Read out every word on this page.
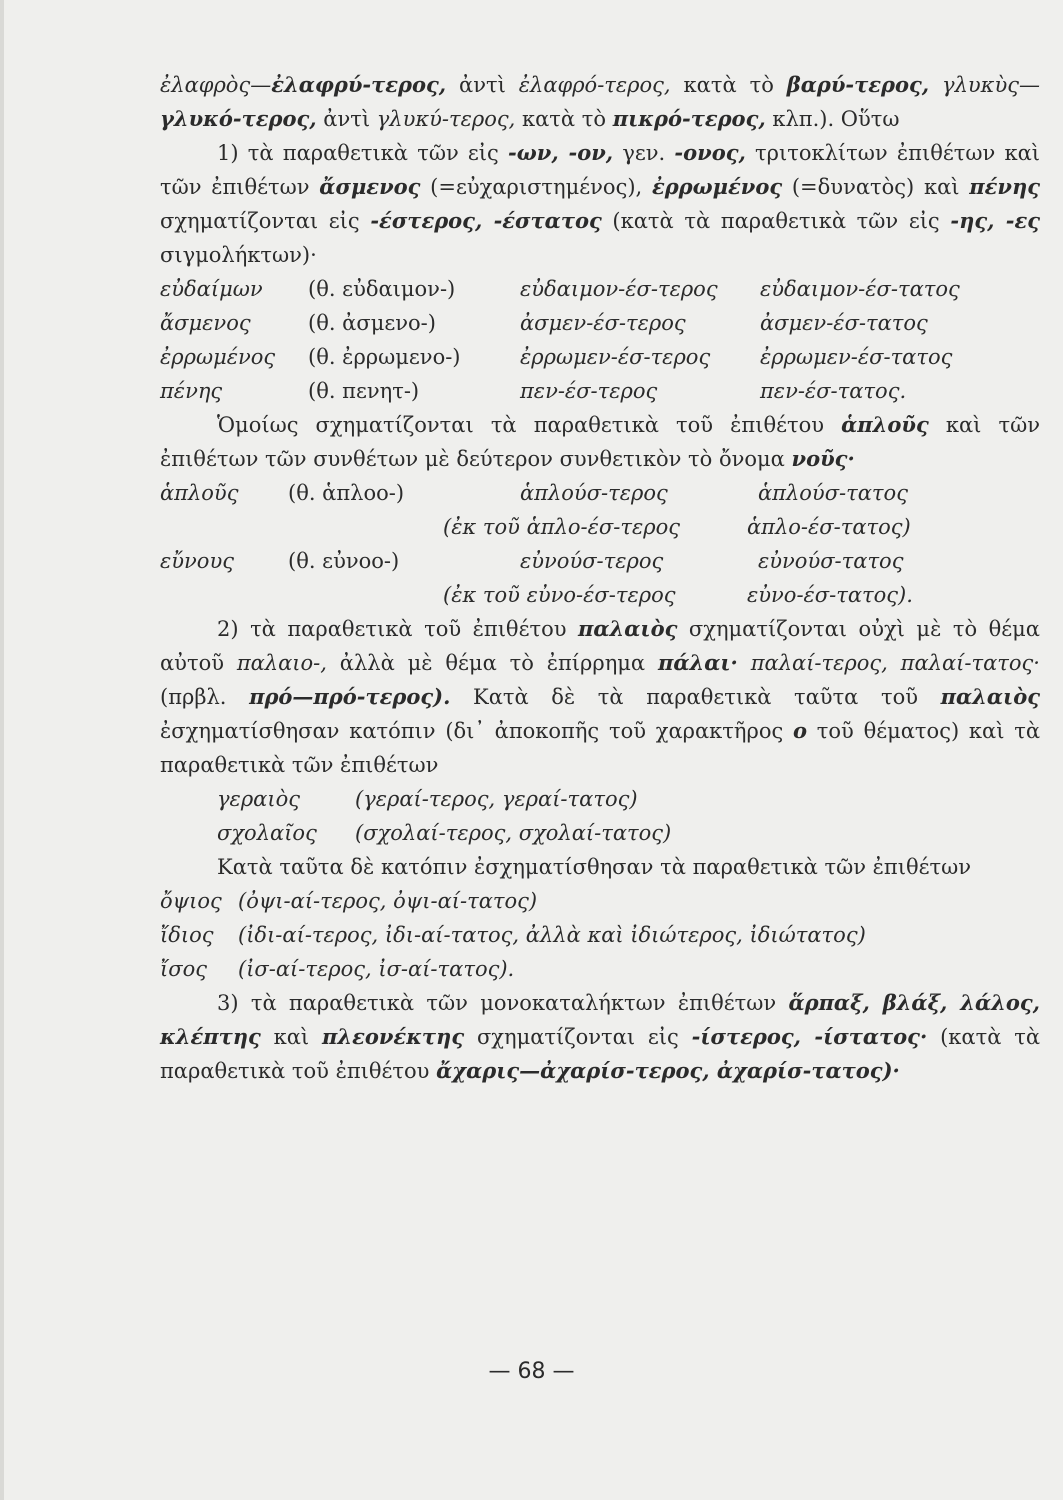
ἐλαφρὸς—ἐλαφρύ-τερος, ἀντὶ ἐλαφρό-τερος, κατὰ τὸ βαρύ-τερος, γλυκὺς—γλυκό-τερος, ἀντὶ γλυκύ-τερος, κατὰ τὸ πικρό-τερος, κλπ.). Οὕτω

1) τὰ παραθετικὰ τῶν εἰς -ων, -ον, γεν. -ονος, τριτοκλίτων ἐπιθέτων καὶ τῶν ἐπιθέτων ἄσμενος (=εὐχαριστημένος), ἐρρωμένος (=δυνατὸς) καὶ πένης σχηματίζονται εἰς -έστερος, -έστατος (κατὰ τὰ παραθετικὰ τῶν εἰς -ης, -ες σιγμολήκτων)·

εὐδαίμων	(θ. εὐδαιμον-)	εὐδαιμον-έσ-τερος	εὐδαιμον-έσ-τατος
ἄσμενος	(θ. ἀσμενο-)	ἀσμεν-έσ-τερος	ἀσμεν-έσ-τατος
ἐρρωμένος	(θ. ἐρρωμενο-)	ἐρρωμεν-έσ-τερος	ἐρρωμεν-έσ-τατος
πένης	(θ. πενητ-)	πεν-έσ-τερος	πεν-έσ-τατος.

Ὁμοίως σχηματίζονται τὰ παραθετικὰ τοῦ ἐπιθέτου ἁπλοῦς καὶ τῶν ἐπιθέτων τῶν συνθέτων μὲ δεύτερον συνθετικὸν τὸ ὄνομα νοῦς·

ἁπλοῦς	(θ. ἁπλοο-)	ἁπλούσ-τερος	ἁπλούσ-τατος
(ἐκ τοῦ ἁπλο-έσ-τερος	ἁπλο-έσ-τατος)
εὔνους	(θ. εὐνοο-)	εὐνούσ-τερος	εὐνούσ-τατος
(ἐκ τοῦ εὐνο-έσ-τερος	εὐνο-έσ-τατος).

2) τὰ παραθετικὰ τοῦ ἐπιθέτου παλαιὸς σχηματίζονται οὐχὶ μὲ τὸ θέμα αὐτοῦ παλαιο-, ἀλλὰ μὲ θέμα τὸ ἐπίρρημα πάλαι· παλαί-τερος, παλαί-τατος· (πρβλ. πρό—πρό-τερος). Κατὰ δὲ τὰ παραθετικὰ ταῦτα τοῦ παλαιὸς ἐσχηματίσθησαν κατόπιν (δι᾽ ἀποκοπῆς τοῦ χαρακτῆρος ο τοῦ θέματος) καὶ τὰ παραθετικὰ τῶν ἐπιθέτων

γεραιὸς	(γεραί-τερος, γεραί-τατος)
σχολαῖος (σχολαί-τερος, σχολαί-τατος)

Κατὰ ταῦτα δὲ κατόπιν ἐσχηματίσθησαν τὰ παραθετικὰ τῶν ἐπιθέτων

ὄψιος (ὀψι-αί-τερος, ὀψι-αί-τατος)
ἴδιος (ἰδι-αί-τερος, ἰδι-αί-τατος, ἀλλὰ καὶ ἰδιώτερος, ἰδιώτατος)
ἴσος (ἰσ-αί-τερος, ἰσ-αί-τατος).

3) τὰ παραθετικὰ τῶν μονοκαταλήκτων ἐπιθέτων ἅρπαξ, βλάξ, λάλος, κλέπτης καὶ πλεονέκτης σχηματίζονται εἰς -ίστερος, -ίστατος· (κατὰ τὰ παραθετικὰ τοῦ ἐπιθέτου ἄχαρις—ἀχαρίσ-τερος, ἀχαρίσ-τατος)·

— 68 —
